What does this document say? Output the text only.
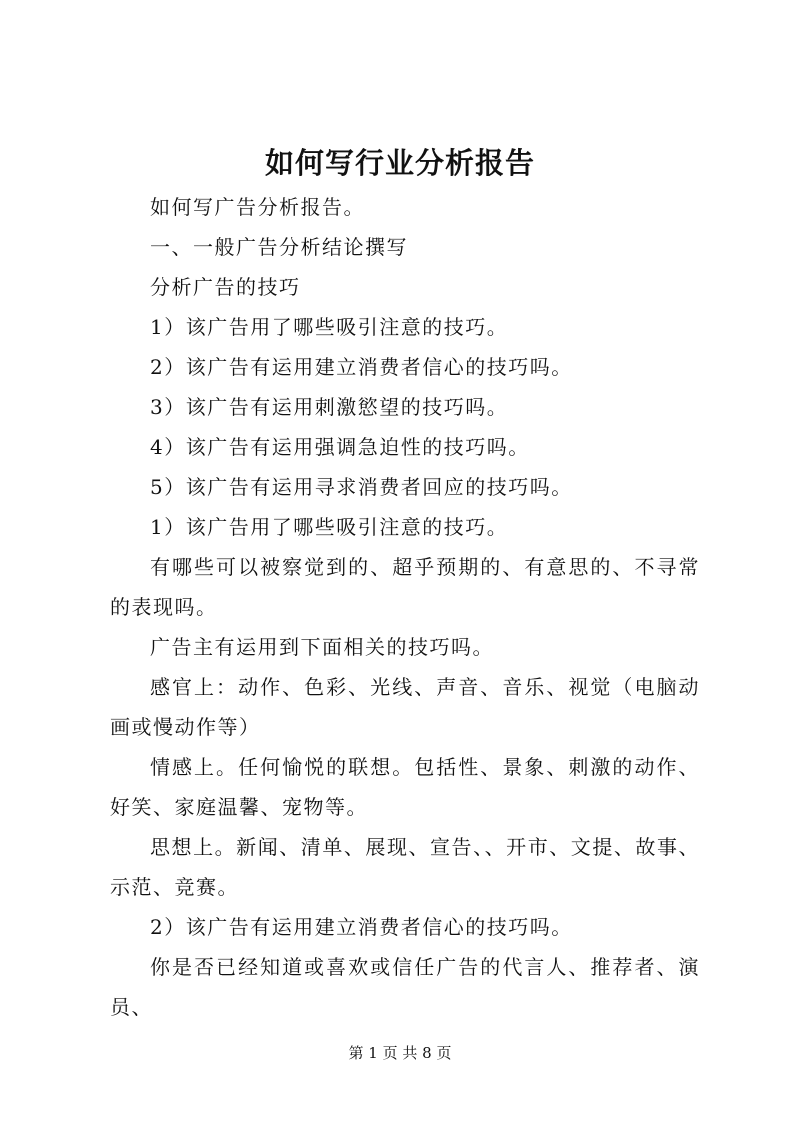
如何写行业分析报告

如何写广告分析报告。

一、一般广告分析结论撰写

分析广告的技巧

1）该广告用了哪些吸引注意的技巧。

2）该广告有运用建立消费者信心的技巧吗。

3）该广告有运用刺激慾望的技巧吗。

4）该广告有运用强调急迫性的技巧吗。

5）该广告有运用寻求消费者回应的技巧吗。

1）该广告用了哪些吸引注意的技巧。

有哪些可以被察觉到的、超乎预期的、有意思的、不寻常的表现吗。

广告主有运用到下面相关的技巧吗。

感官上：动作、色彩、光线、声音、音乐、视觉（电脑动画或慢动作等）

情感上。任何愉悦的联想。包括性、景象、刺激的动作、好笑、家庭温馨、宠物等。

思想上。新闻、清单、展现、宣告、、开市、文提、故事、示范、竞赛。

2）该广告有运用建立消费者信心的技巧吗。

你是否已经知道或喜欢或信任广告的代言人、推荐者、演员、

第 1 页 共 8 页
